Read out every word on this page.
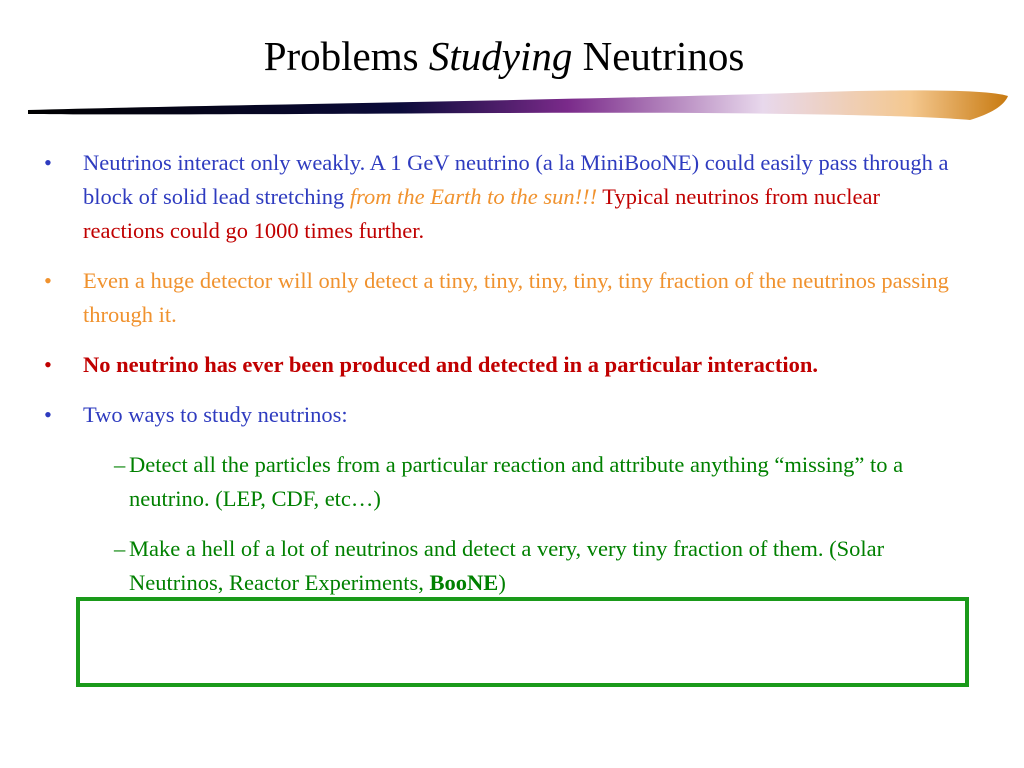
Problems Studying Neutrinos
• Neutrinos interact only weakly. A 1 GeV neutrino (a la MiniBooNE) could easily pass through a block of solid lead stretching from the Earth to the sun!!! Typical neutrinos from nuclear reactions could go 1000 times further.
• Even a huge detector will only detect a tiny, tiny, tiny, tiny, tiny fraction of the neutrinos passing through it.
• No neutrino has ever been produced and detected in a particular interaction.
• Two ways to study neutrinos:
– Detect all the particles from a particular reaction and attribute anything “missing” to a neutrino. (LEP, CDF, etc…)
– Make a hell of a lot of neutrinos and detect a very, very tiny fraction of them. (Solar Neutrinos, Reactor Experiments, BooNE)
